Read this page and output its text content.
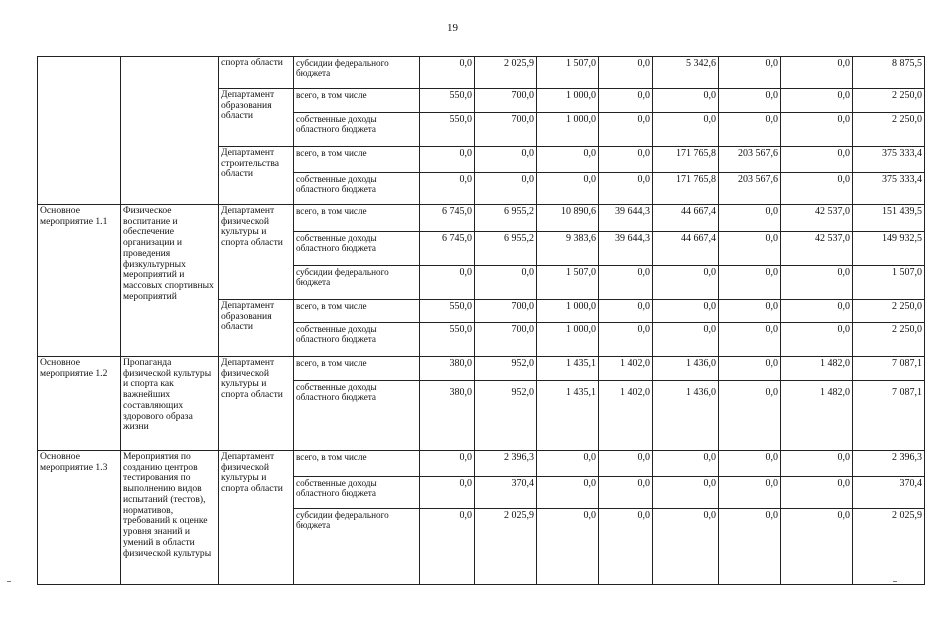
19
		спорта области	субсидии федерального бюджета	0,0	2 025,9	1 507,0	0,0	5 342,6	0,0	0,0	8 875,5
		Департамент образования области	всего, в том числе	550,0	700,0	1 000,0	0,0	0,0	0,0	0,0	2 250,0
			собственные доходы областного бюджета	550,0	700,0	1 000,0	0,0	0,0	0,0	0,0	2 250,0
		Департамент строительства области	всего, в том числе	0,0	0,0	0,0	0,0	171 765,8	203 567,6	0,0	375 333,4
			собственные доходы областного бюджета	0,0	0,0	0,0	0,0	171 765,8	203 567,6	0,0	375 333,4
Основное мероприятие 1.1	Физическое воспитание и обеспечение организации и проведения физкультурных мероприятий и массовых спортивных мероприятий	Департамент физической культуры и спорта области	всего, в том числе	6 745,0	6 955,2	10 890,6	39 644,3	44 667,4	0,0	42 537,0	151 439,5
			собственные доходы областного бюджета	6 745,0	6 955,2	9 383,6	39 644,3	44 667,4	0,0	42 537,0	149 932,5
			субсидии федерального бюджета	0,0	0,0	1 507,0	0,0	0,0	0,0	0,0	1 507,0
		Департамент образования области	всего, в том числе	550,0	700,0	1 000,0	0,0	0,0	0,0	0,0	2 250,0
			собственные доходы областного бюджета	550,0	700,0	1 000,0	0,0	0,0	0,0	0,0	2 250,0
Основное мероприятие 1.2	Пропаганда физической культуры и спорта как важнейших составляющих здорового образа жизни	Департамент физической культуры и спорта области	всего, в том числе	380,0	952,0	1 435,1	1 402,0	1 436,0	0,0	1 482,0	7 087,1
			собственные доходы областного бюджета	380,0	952,0	1 435,1	1 402,0	1 436,0	0,0	1 482,0	7 087,1
Основное мероприятие 1.3	Мероприятия по созданию центров тестирования по выполнению видов испытаний (тестов), нормативов, требований к оценке уровня знаний и умений в области физической культуры	Департамент физической культуры и спорта области	всего, в том числе	0,0	2 396,3	0,0	0,0	0,0	0,0	0,0	2 396,3
			собственные доходы областного бюджета	0,0	370,4	0,0	0,0	0,0	0,0	0,0	370,4
			субсидии федерального бюджета	0,0	2 025,9	0,0	0,0	0,0	0,0	0,0	2 025,9
